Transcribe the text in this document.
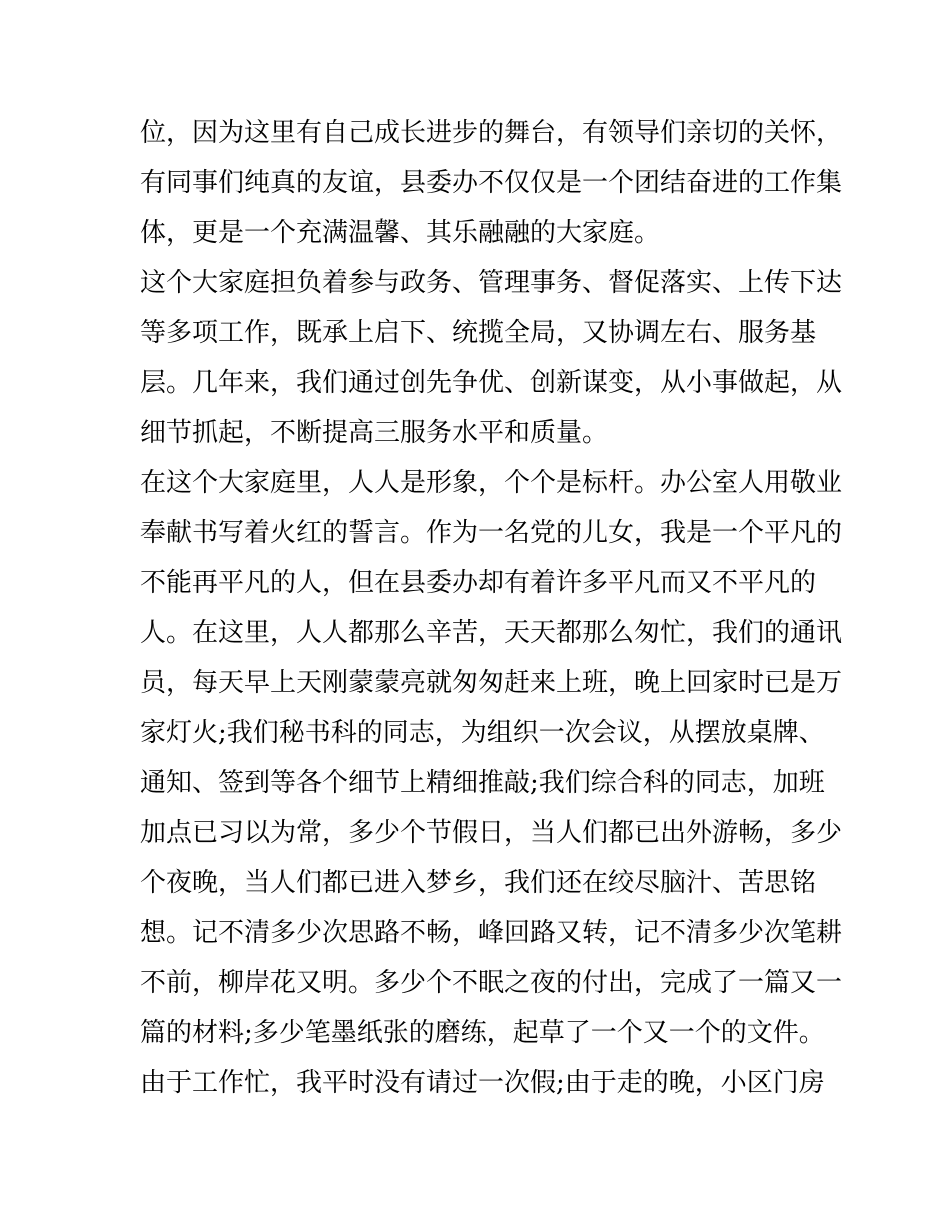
位，因为这里有自己成长进步的舞台，有领导们亲切的关怀，
有同事们纯真的友谊，县委办不仅仅是一个团结奋进的工作集
体，更是一个充满温馨、其乐融融的大家庭。
这个大家庭担负着参与政务、管理事务、督促落实、上传下达
等多项工作，既承上启下、统揽全局，又协调左右、服务基
层。几年来，我们通过创先争优、创新谋变，从小事做起，从
细节抓起，不断提高三服务水平和质量。
在这个大家庭里，人人是形象，个个是标杆。办公室人用敬业
奉献书写着火红的誓言。作为一名党的儿女，我是一个平凡的
不能再平凡的人，但在县委办却有着许多平凡而又不平凡的
人。在这里，人人都那么辛苦，天天都那么匆忙，我们的通讯
员，每天早上天刚蒙蒙亮就匆匆赶来上班，晚上回家时已是万
家灯火;我们秘书科的同志，为组织一次会议，从摆放桌牌、
通知、签到等各个细节上精细推敲;我们综合科的同志，加班
加点已习以为常，多少个节假日，当人们都已出外游畅，多少
个夜晚，当人们都已进入梦乡，我们还在绞尽脑汁、苦思铭
想。记不清多少次思路不畅，峰回路又转，记不清多少次笔耕
不前，柳岸花又明。多少个不眠之夜的付出，完成了一篇又一
篇的材料;多少笔墨纸张的磨练，起草了一个又一个的文件。
由于工作忙，我平时没有请过一次假;由于走的晚，小区门房
